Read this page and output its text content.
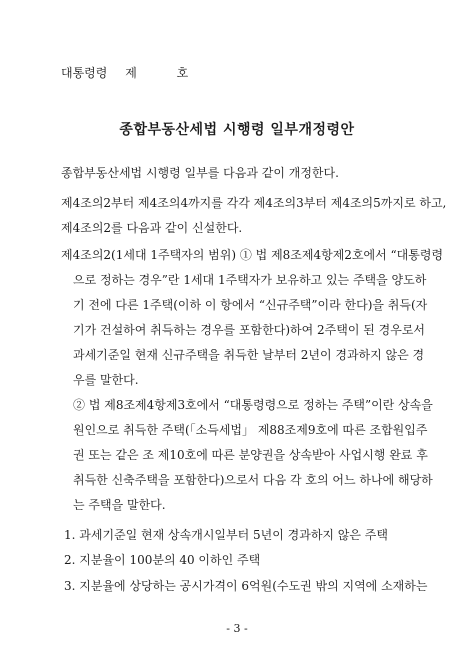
대통령령 제	호
종합부동산세법 시행령 일부개정령안
종합부동산세법 시행령 일부를 다음과 같이 개정한다.
제4조의2부터 제4조의4까지를 각각 제4조의3부터 제4조의5까지로 하고,
제4조의2를 다음과 같이 신설한다.
제4조의2(1세대 1주택자의 범위) ① 법 제8조제4항제2호에서 “대통령령
으로 정하는 경우”란 1세대 1주택자가 보유하고 있는 주택을 양도하
기 전에 다른 1주택(이하 이 항에서 “신규주택”이라 한다)을 취득(자
기가 건설하여 취득하는 경우를 포함한다)하여 2주택이 된 경우로서
과세기준일 현재 신규주택을 취득한 날부터 2년이 경과하지 않은 경
우를 말한다.
② 법 제8조제4항제3호에서 “대통령령으로 정하는 주택”이란 상속을
원인으로 취득한 주택(「소득세법」 제88조제9호에 따른 조합원입주
권 또는 같은 조 제10호에 따른 분양권을 상속받아 사업시행 완료 후
취득한 신축주택을 포함한다)으로서 다음 각 호의 어느 하나에 해당하
는 주택을 말한다.
1. 과세기준일 현재 상속개시일부터 5년이 경과하지 않은 주택
2. 지분율이 100분의 40 이하인 주택
3. 지분율에 상당하는 공시가격이 6억원(수도권 밖의 지역에 소재하는
- 3 -
